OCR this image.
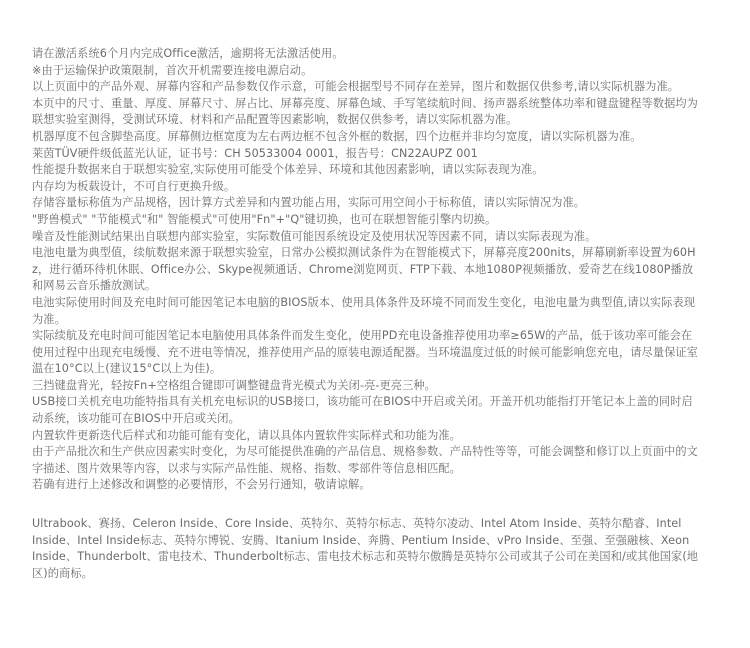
请在激活系统6个月内完成Office激活，逾期将无法激活使用。

※由于运输保护政策限制，首次开机需要连接电源启动。

以上页面中的产品外观、屏幕内容和产品参数仅作示意，可能会根据型号不同存在差异，图片和数据仅供参考,请以实际机器为准。

本页中的尺寸、重量、厚度、屏幕尺寸、屏占比、屏幕亮度、屏幕色域、手写笔续航时间、扬声器系统整体功率和键盘键程等数据均为联想实验室测得，受测试环境、材料和产品配置等因素影响，数据仅供参考，请以实际机器为准。

机器厚度不包含脚垫高度。屏幕侧边框宽度为左右两边框不包含外框的数据，四个边框并非均匀宽度，请以实际机器为准。

莱茵TÜV硬件级低蓝光认证，证书号：CH 50533004 0001，报告号：CN22AUPZ 001

性能提升数据来自于联想实验室,实际使用可能受个体差异、环境和其他因素影响，请以实际表现为准。

内存均为板载设计，不可自行更换升级。

存储容量标称值为产品规格，因计算方式差异和内置功能占用，实际可用空间小于标称值，请以实际情况为准。

"野兽模式" "节能模式"和" 智能模式"可使用"Fn"+"Q"键切换，也可在联想智能引擎内切换。

噪音及性能测试结果出自联想内部实验室，实际数值可能因系统设定及使用状况等因素不同，请以实际表现为准。

电池电量为典型值，续航数据来源于联想实验室，日常办公模拟测试条件为在智能模式下，屏幕亮度200nits，屏幕刷新率设置为60Hz，进行循环待机休眠、Office办公、Skype视频通话、Chrome浏览网页、FTP下载、本地1080P视频播放、爱奇艺在线1080P播放和网易云音乐播放测试。

电池实际使用时间及充电时间可能因笔记本电脑的BIOS版本、使用具体条件及环境不同而发生变化，电池电量为典型值,请以实际表现为准。

实际续航及充电时间可能因笔记本电脑使用具体条件而发生变化，使用PD充电设备推荐使用功率≥65W的产品，低于该功率可能会在使用过程中出现充电缓慢、充不进电等情况，推荐使用产品的原装电源适配器。当环境温度过低的时候可能影响您充电，请尽量保证室温在10°C以上(建议15°C以上为佳)。

三挡键盘背光，轻按Fn+空格组合键即可调整键盘背光模式为关闭-亮-更亮三种。

USB接口关机充电功能特指具有关机充电标识的USB接口，该功能可在BIOS中开启或关闭。开盖开机功能指打开笔记本上盖的同时启动系统，该功能可在BIOS中开启或关闭。

内置软件更新迭代后样式和功能可能有变化，请以具体内置软件实际样式和功能为准。

由于产品批次和生产供应因素实时变化，为尽可能提供准确的产品信息、规格参数、产品特性等等，可能会调整和修订以上页面中的文字描述、图片效果等内容，以求与实际产品性能、规格、指数、零部件等信息相匹配。

若确有进行上述修改和调整的必要情形，不会另行通知，敬请谅解。

Ultrabook、赛扬、Celeron Inside、Core Inside、英特尔、英特尔标志、英特尔凌动、Intel Atom Inside、英特尔酷睿、Intel Inside、Intel Inside标志、英特尔博锐、安腾、Itanium Inside、奔腾、Pentium Inside、vPro Inside、至强、至强融核、Xeon Inside、Thunderbolt、雷电技术、Thunderbolt标志、雷电技术标志和英特尔傲腾是英特尔公司或其子公司在美国和/或其他国家(地区)的商标。
